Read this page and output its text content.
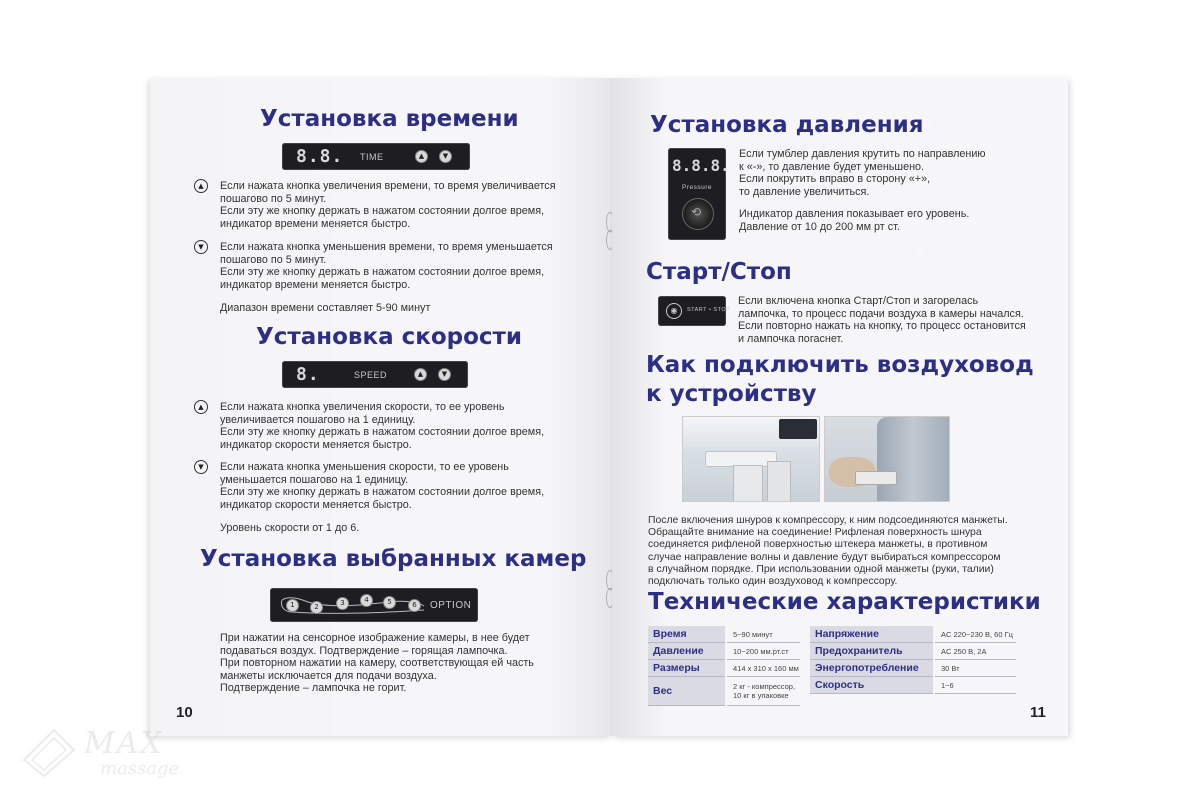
Установка времени
8.8. TIME	▲	▼
▲	Если нажата кнопка увеличения времени, то время увеличивается
пошагово по 5 минут.
Если эту же кнопку держать в нажатом состоянии долгое время,
индикатор времени меняется быстро.

▼	Если нажата кнопка уменьшения времени, то время уменьшается
пошагово по 5 минут.
Если эту же кнопку держать в нажатом состоянии долгое время,
индикатор времени меняется быстро.

Диапазон времени составляет 5-90 минут

Установка скорости
8.	SPEED	▲	▼
▲	Если нажата кнопка увеличения скорости, то ее уровень
увеличивается пошагово на 1 единицу.
Если эту же кнопку держать в нажатом состоянии долгое время,
индикатор скорости меняется быстро.

▼	Если нажата кнопка уменьшения скорости, то ее уровень
уменьшается пошагово на 1 единицу.
Если эту же кнопку держать в нажатом состоянии долгое время,
индикатор скорости меняется быстро.

Уровень скорости от 1 до 6.

Установка выбранных камер
1	2	3	4	5	6 OPTION

При нажатии на сенсорное изображение камеры, в нее будет
подаваться воздух. Подтверждение – горящая лампочка.
При повторном нажатии на камеру, соответствующая ей часть
манжеты исключается для подачи воздуха.
Подтверждение – лампочка не горит.

10
Установка давления
8.8.8.
Pressure
⟲

Если тумблер давления крутить по направлению
к «-», то давление будет уменьшено.
Если покрутить вправо в сторону «+»,
то давление увеличиться.

Индикатор давления показывает его уровень.
Давление от 10 до 200 мм рт ст.

Старт/Стоп
◉ START • STOP

Если включена кнопка Старт/Стоп и загорелась
лампочка, то процесс подачи воздуха в камеры начался.
Если повторно нажать на кнопку, то процесс остановится
и лампочка погаснет.

Как подключить воздуховод
к устройству

После включения шнуров к компрессору, к ним подсоединяются манжеты.
Обращайте внимание на соединение! Рифленая поверхность шнура
соединяется рифленой поверхностью штекера манжеты, в противном
случае направление волны и давление будут выбираться компрессором
в случайном порядке. При использовании одной манжеты (руки, талии)
подключать только один воздуховод к компрессору.

Технические характеристики
Время	5~90 минут
Давление	10~200 мм.рт.ст
Размеры	414 x 310 x 160 мм
Вес	2 кг - компрессор,
10 кг в упаковке
Напряжение	AC 220~230 В, 60 Гц
Предохранитель	AC 250 В, 2А
Энергопотребление	30 Вт
Скорость	1~6
11
MAX
massage
